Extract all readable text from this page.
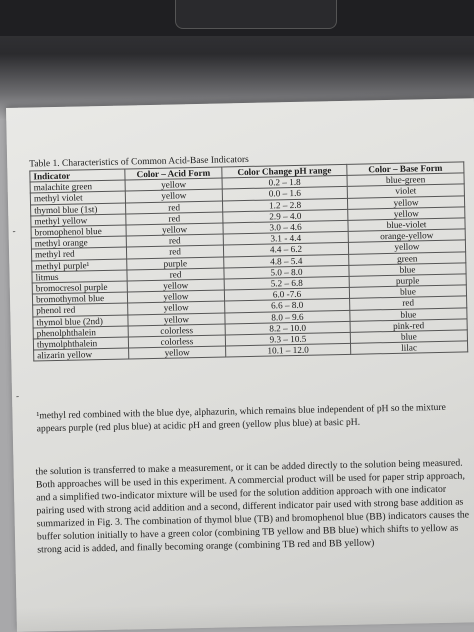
Table 1. Characteristics of Common Acid-Base Indicators
Indicator	Color – Acid Form	Color Change pH range	Color – Base Form
malachite green	yellow	0.2 – 1.8	blue-green
methyl violet	yellow	0.0 – 1.6	violet
thymol blue (1st)	red	1.2 – 2.8	yellow
methyl yellow	red	2.9 – 4.0	yellow
bromophenol blue	yellow	3.0 – 4.6	blue-violet
methyl orange	red	3.1 - 4.4	orange-yellow
methyl red	red	4.4 – 6.2	yellow
methyl purple¹	purple	4.8 – 5.4	green
litmus	red	5.0 – 8.0	blue
bromocresol purple	yellow	5.2 – 6.8	purple
bromothymol blue	yellow	6.0 -7.6	blue
phenol red	yellow	6.6 – 8.0	red
thymol blue (2nd)	yellow	8.0 – 9.6	blue
phenolphthalein	colorless	8.2 – 10.0	pink-red
thymolphthalein	colorless	9.3 – 10.5	blue
alizarin yellow	yellow	10.1 – 12.0	lilac
-
-
¹methyl red combined with the blue dye, alphazurin, which remains blue independent of pH so the mixture appears purple (red plus blue) at acidic pH and green (yellow plus blue) at basic pH.
the solution is transferred to make a measurement, or it can be added directly to the solution being measured. Both approaches will be used in this experiment. A commercial product will be used for paper strip approach, and a simplified two-indicator mixture will be used for the solution addition approach with one indicator pairing used with strong acid addition and a second, different indicator pair used with strong base addition as summarized in Fig. 3. The combination of thymol blue (TB) and bromophenol blue (BB) indicators causes the buffer solution initially to have a green color (combining TB yellow and BB blue) which shifts to yellow as strong acid is added, and finally becoming orange (combining TB red and BB yellow)
